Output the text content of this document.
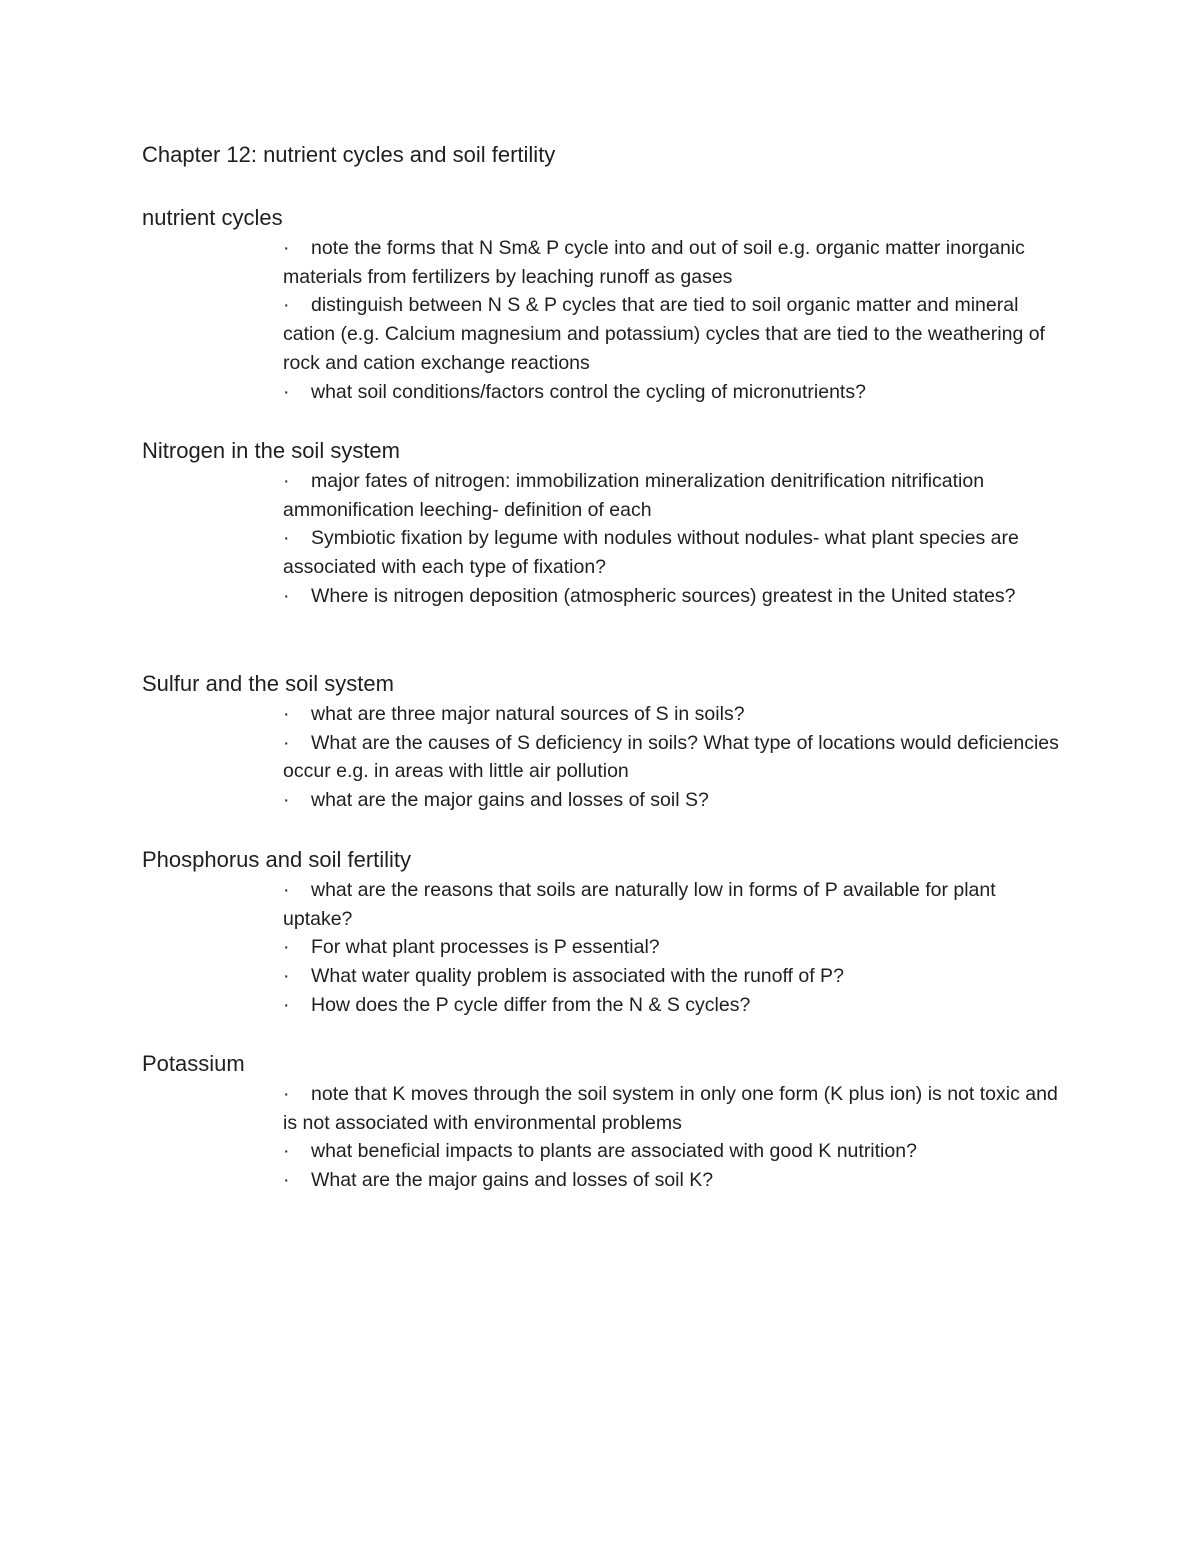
Chapter 12: nutrient cycles and soil fertility
nutrient cycles
· note the forms that N Sm& P cycle into and out of soil e.g. organic matter inorganic materials from fertilizers by leaching runoff as gases
· distinguish between N S & P cycles that are tied to soil organic matter and mineral cation (e.g. Calcium magnesium and potassium) cycles that are tied to the weathering of rock and cation exchange reactions
· what soil conditions/factors control the cycling of micronutrients?
Nitrogen in the soil system
· major fates of nitrogen: immobilization mineralization denitrification nitrification ammonification leeching- definition of each
· Symbiotic fixation by legume with nodules without nodules- what plant species are associated with each type of fixation?
· Where is nitrogen deposition (atmospheric sources) greatest in the United states?
Sulfur and the soil system
· what are three major natural sources of S in soils?
· What are the causes of S deficiency in soils? What type of locations would deficiencies occur e.g. in areas with little air pollution
· what are the major gains and losses of soil S?
Phosphorus and soil fertility
· what are the reasons that soils are naturally low in forms of P available for plant uptake?
· For what plant processes is P essential?
· What water quality problem is associated with the runoff of P?
· How does the P cycle differ from the N & S cycles?
Potassium
· note that K moves through the soil system in only one form (K plus ion) is not toxic and is not associated with environmental problems
· what beneficial impacts to plants are associated with good K nutrition?
· What are the major gains and losses of soil K?
